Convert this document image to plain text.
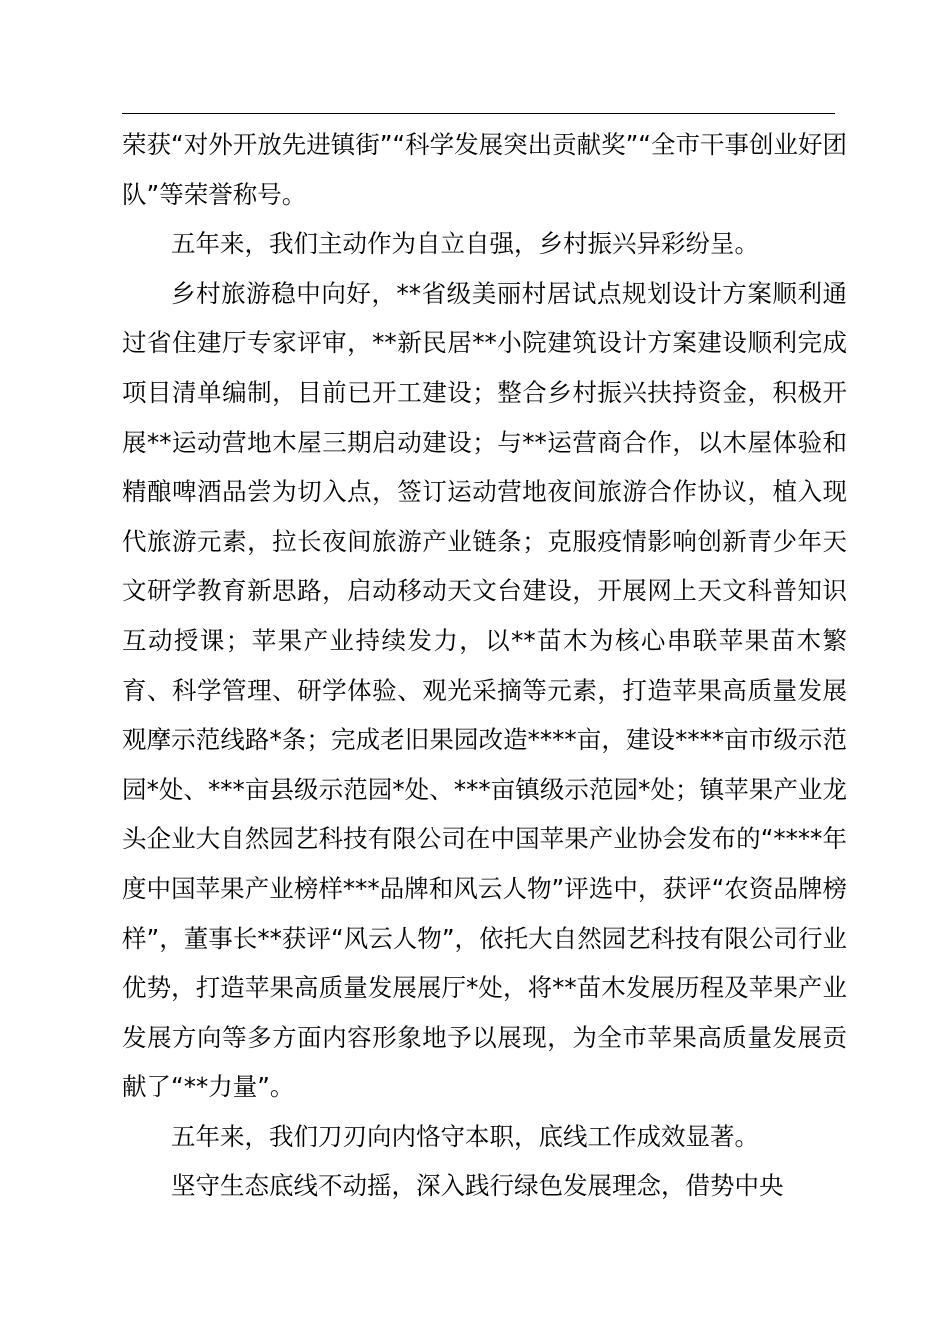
荣获“对外开放先进镇街”“科学发展突出贡献奖”“全市干事创业好团队”等荣誉称号。

五年来，我们主动作为自立自强，乡村振兴异彩纷呈。

乡村旅游稳中向好，**省级美丽村居试点规划设计方案顺利通过省住建厅专家评审，**新民居**小院建筑设计方案建设顺利完成项目清单编制，目前已开工建设；整合乡村振兴扶持资金，积极开展**运动营地木屋三期启动建设；与**运营商合作，以木屋体验和精酿啤酒品尝为切入点，签订运动营地夜间旅游合作协议，植入现代旅游元素，拉长夜间旅游产业链条；克服疫情影响创新青少年天文研学教育新思路，启动移动天文台建设，开展网上天文科普知识互动授课；苹果产业持续发力，以**苗木为核心串联苹果苗木繁育、科学管理、研学体验、观光采摘等元素，打造苹果高质量发展观摩示范线路*条；完成老旧果园改造****亩，建设****亩市级示范园*处、***亩县级示范园*处、***亩镇级示范园*处；镇苹果产业龙头企业大自然园艺科技有限公司在中国苹果产业协会发布的“****年度中国苹果产业榜样***品牌和风云人物”评选中，获评“农资品牌榜样”，董事长**获评“风云人物”，依托大自然园艺科技有限公司行业优势，打造苹果高质量发展展厅*处，将**苗木发展历程及苹果产业发展方向等多方面内容形象地予以展现，为全市苹果高质量发展贡献了“**力量”。

五年来，我们刀刃向内恪守本职，底线工作成效显著。

坚守生态底线不动摇，深入践行绿色发展理念，借势中央
